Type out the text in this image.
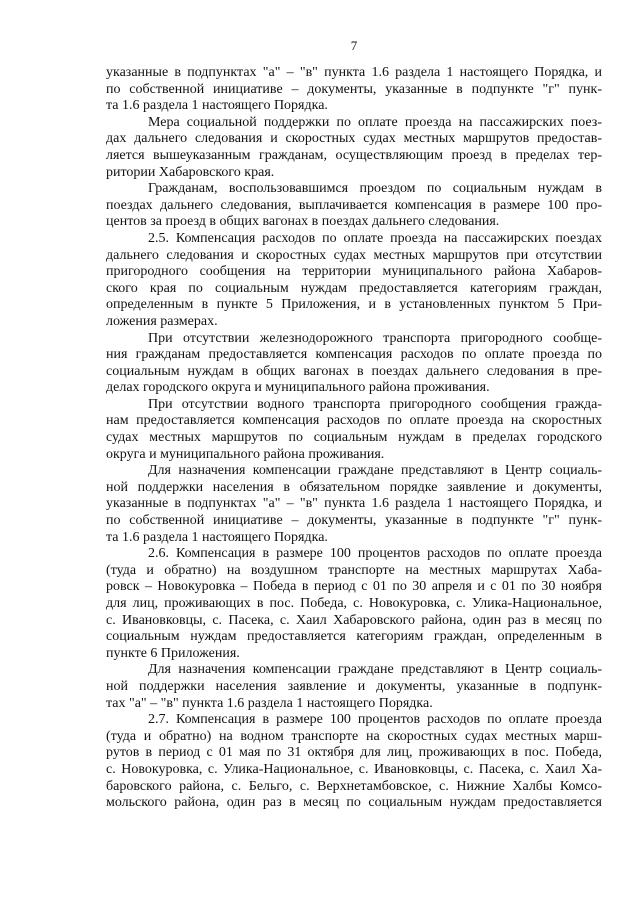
7

указанные в подпунктах "а" – "в" пункта 1.6 раздела 1 настоящего Порядка, и
по собственной инициативе – документы, указанные в подпункте "г" пунк-
та 1.6 раздела 1 настоящего Порядка.

Мера социальной поддержки по оплате проезда на пассажирских поез-
дах дальнего следования и скоростных судах местных маршрутов предостав-
ляется вышеуказанным гражданам, осуществляющим проезд в пределах тер-
ритории Хабаровского края.

Гражданам, воспользовавшимся проездом по социальным нуждам в
поездах дальнего следования, выплачивается компенсация в размере 100 про-
центов за проезд в общих вагонах в поездах дальнего следования.

2.5. Компенсация расходов по оплате проезда на пассажирских поездах
дальнего следования и скоростных судах местных маршрутов при отсутствии
пригородного сообщения на территории муниципального района Хабаров-
ского края по социальным нуждам предоставляется категориям граждан,
определенным в пункте 5 Приложения, и в установленных пунктом 5 При-
ложения размерах.

При отсутствии железнодорожного транспорта пригородного сообще-
ния гражданам предоставляется компенсация расходов по оплате проезда по
социальным нуждам в общих вагонах в поездах дальнего следования в пре-
делах городского округа и муниципального района проживания.

При отсутствии водного транспорта пригородного сообщения гражда-
нам предоставляется компенсация расходов по оплате проезда на скоростных
судах местных маршрутов по социальным нуждам в пределах городского
округа и муниципального района проживания.

Для назначения компенсации граждане представляют в Центр социаль-
ной поддержки населения в обязательном порядке заявление и документы,
указанные в подпунктах "а" – "в" пункта 1.6 раздела 1 настоящего Порядка, и
по собственной инициативе – документы, указанные в подпункте "г" пунк-
та 1.6 раздела 1 настоящего Порядка.

2.6. Компенсация в размере 100 процентов расходов по оплате проезда
(туда и обратно) на воздушном транспорте на местных маршрутах Хаба-
ровск – Новокуровка – Победа в период с 01 по 30 апреля и с 01 по 30 ноября
для лиц, проживающих в пос. Победа, с. Новокуровка, с. Улика-Национальное,
с. Ивановковцы, с. Пасека, с. Хаил Хабаровского района, один раз в месяц по
социальным нуждам предоставляется категориям граждан, определенным в
пункте 6 Приложения.

Для назначения компенсации граждане представляют в Центр социаль-
ной поддержки населения заявление и документы, указанные в подпунк-
тах "а" – "в" пункта 1.6 раздела 1 настоящего Порядка.

2.7. Компенсация в размере 100 процентов расходов по оплате проезда
(туда и обратно) на водном транспорте на скоростных судах местных марш-
рутов в период с 01 мая по 31 октября для лиц, проживающих в пос. Победа,
с. Новокуровка, с. Улика-Национальное, с. Ивановковцы, с. Пасека, с. Хаил Ха-
баровского района, с. Бельго, с. Верхнетамбовское, с. Нижние Халбы Комсо-
мольского района, один раз в месяц по социальным нуждам предоставляется
